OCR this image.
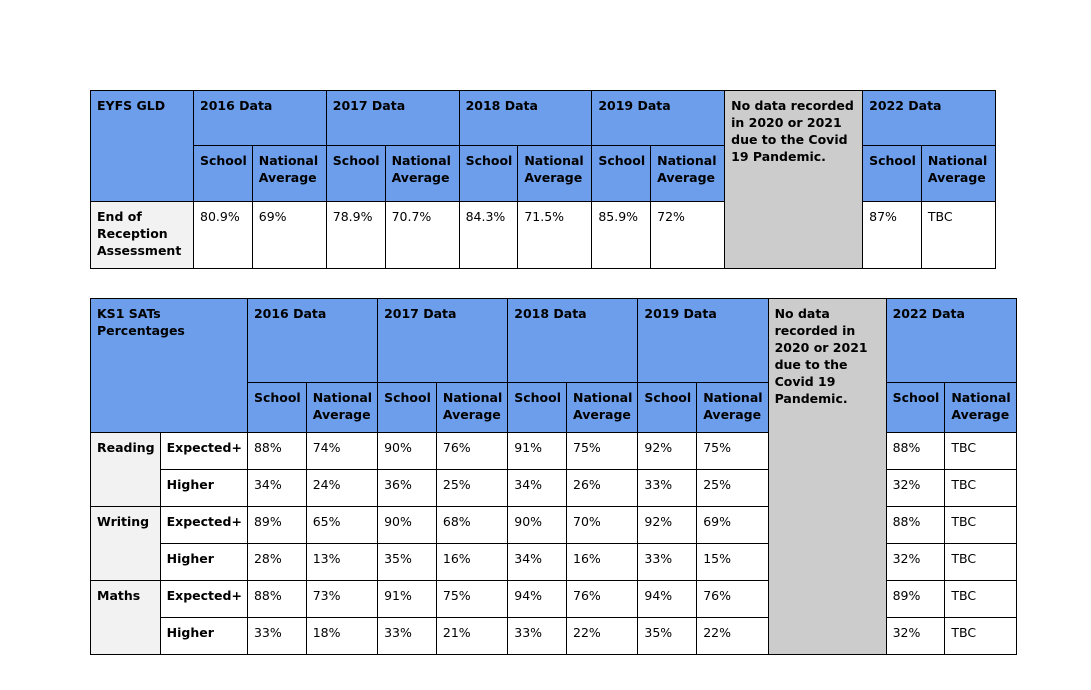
EYFS GLD	2016 Data		2017 Data		2018 Data		2019 Data		No data recorded in 2020 or 2021 due to the Covid 19 Pandemic.	2022 Data	
	School	National Average	School	National Average	School	National Average	School	National Average		School	National Average
End of Reception Assessment	80.9%	69%	78.9%	70.7%	84.3%	71.5%	85.9%	72%		87%	TBC
KS1 SATs Percentages		2016 Data		2017 Data		2018 Data		2019 Data		No data recorded in 2020 or 2021 due to the Covid 19 Pandemic.	2022 Data	
		School	National Average	School	National Average	School	National Average	School	National Average		School	National Average
Reading	Expected+	88%	74%	90%	76%	91%	75%	92%	75%		88%	TBC
	Higher	34%	24%	36%	25%	34%	26%	33%	25%		32%	TBC
Writing	Expected+	89%	65%	90%	68%	90%	70%	92%	69%		88%	TBC
	Higher	28%	13%	35%	16%	34%	16%	33%	15%		32%	TBC
Maths	Expected+	88%	73%	91%	75%	94%	76%	94%	76%		89%	TBC
	Higher	33%	18%	33%	21%	33%	22%	35%	22%		32%	TBC
